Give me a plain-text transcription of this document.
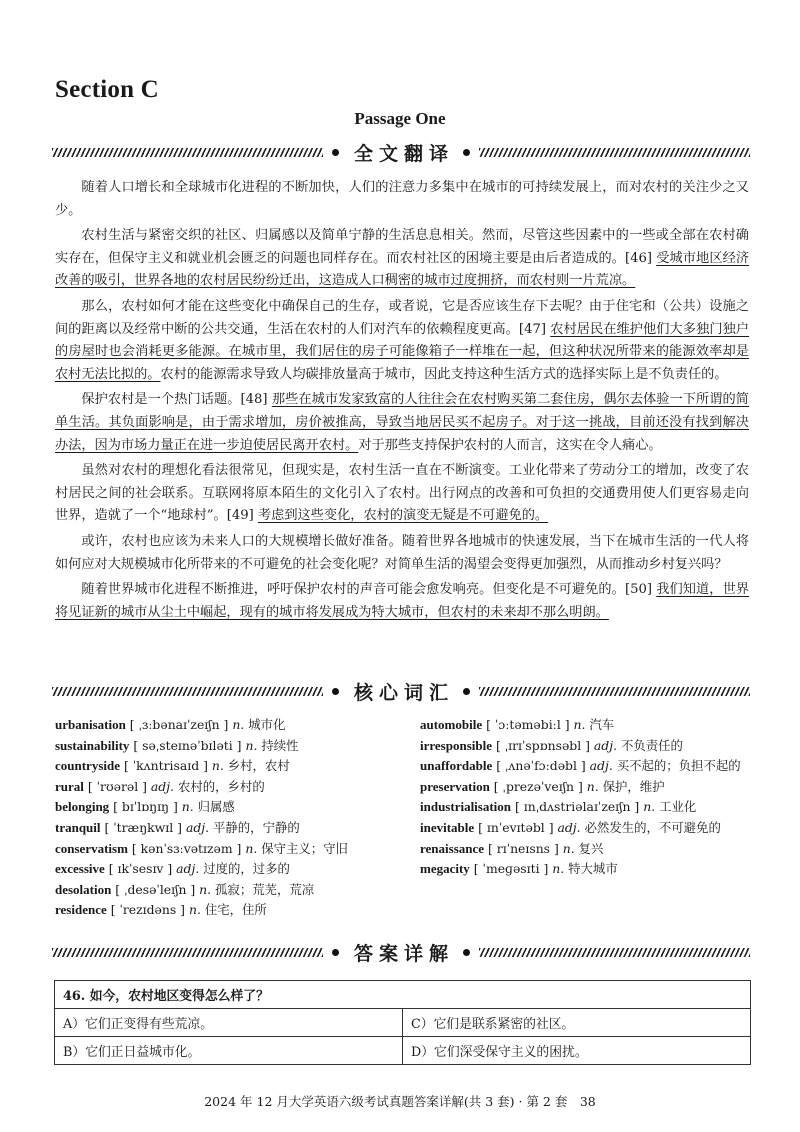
Section C
Passage One
全文翻译

随着人口增长和全球城市化进程的不断加快，人们的注意力多集中在城市的可持续发展上，而对农村的关注少之又少。

农村生活与紧密交织的社区、归属感以及简单宁静的生活息息相关。然而，尽管这些因素中的一些或全部在农村确实存在，但保守主义和就业机会匮乏的问题也同样存在。而农村社区的困境主要是由后者造成的。[46] 受城市地区经济改善的吸引，世界各地的农村居民纷纷迁出，这造成人口稠密的城市过度拥挤，而农村则一片荒凉。

那么，农村如何才能在这些变化中确保自己的生存，或者说，它是否应该生存下去呢？由于住宅和（公共）设施之间的距离以及经常中断的公共交通，生活在农村的人们对汽车的依赖程度更高。[47] 农村居民在维护他们大多独门独户的房屋时也会消耗更多能源。在城市里，我们居住的房子可能像箱子一样堆在一起，但这种状况所带来的能源效率却是农村无法比拟的。农村的能源需求导致人均碳排放量高于城市，因此支持这种生活方式的选择实际上是不负责任的。

保护农村是一个热门话题。[48] 那些在城市发家致富的人往往会在农村购买第二套住房，偶尔去体验一下所谓的简单生活。其负面影响是，由于需求增加，房价被推高，导致当地居民买不起房子。对于这一挑战，目前还没有找到解决办法，因为市场力量正在进一步迫使居民离开农村。对于那些支持保护农村的人而言，这实在令人痛心。

虽然对农村的理想化看法很常见，但现实是，农村生活一直在不断演变。工业化带来了劳动分工的增加，改变了农村居民之间的社会联系。互联网将原本陌生的文化引入了农村。出行网点的改善和可负担的交通费用使人们更容易走向世界，造就了一个“地球村”。[49] 考虑到这些变化，农村的演变无疑是不可避免的。

或许，农村也应该为未来人口的大规模增长做好准备。随着世界各地城市的快速发展，当下在城市生活的一代人将如何应对大规模城市化所带来的不可避免的社会变化呢？对简单生活的渴望会变得更加强烈，从而推动乡村复兴吗？

随着世界城市化进程不断推进，呼吁保护农村的声音可能会愈发响亮。但变化是不可避免的。[50] 我们知道，世界将见证新的城市从尘土中崛起，现有的城市将发展成为特大城市，但农村的未来却不那么明朗。

核心词汇
urbanisation [ ˌɜːbənaɪˈzeɪʃn ] n. 城市化
sustainability [ səˌsteɪnəˈbɪləti ] n. 持续性
countryside [ ˈkʌntrisaɪd ] n. 乡村，农村
rural [ ˈrʊərəl ] adj. 农村的，乡村的
belonging [ bɪˈlɒŋɪŋ ] n. 归属感
tranquil [ ˈtræŋkwɪl ] adj. 平静的，宁静的
conservatism [ kənˈsɜːvətɪzəm ] n. 保守主义；守旧
excessive [ ɪkˈsesɪv ] adj. 过度的，过多的
desolation [ ˌdesəˈleɪʃn ] n. 孤寂；荒芜，荒凉
residence [ ˈrezɪdəns ] n. 住宅，住所
automobile [ ˈɔːtəməbiːl ] n. 汽车
irresponsible [ ˌɪrɪˈspɒnsəbl ] adj. 不负责任的
unaffordable [ ˌʌnəˈfɔːdəbl ] adj. 买不起的；负担不起的
preservation [ ˌprezəˈveɪʃn ] n. 保护，维护
industrialisation [ ɪnˌdʌstriəlaɪˈzeɪʃn ] n. 工业化
inevitable [ ɪnˈevɪtəbl ] adj. 必然发生的，不可避免的
renaissance [ rɪˈneɪsns ] n. 复兴
megacity [ ˈmeɡəsɪti ] n. 特大城市
答案详解
46. 如今，农村地区变得怎么样了？	
A）它们正变得有些荒凉。	C）它们是联系紧密的社区。
B）它们正日益城市化。	D）它们深受保守主义的困扰。
2024 年 12 月大学英语六级考试真题答案详解(共 3 套) · 第 2 套　38
